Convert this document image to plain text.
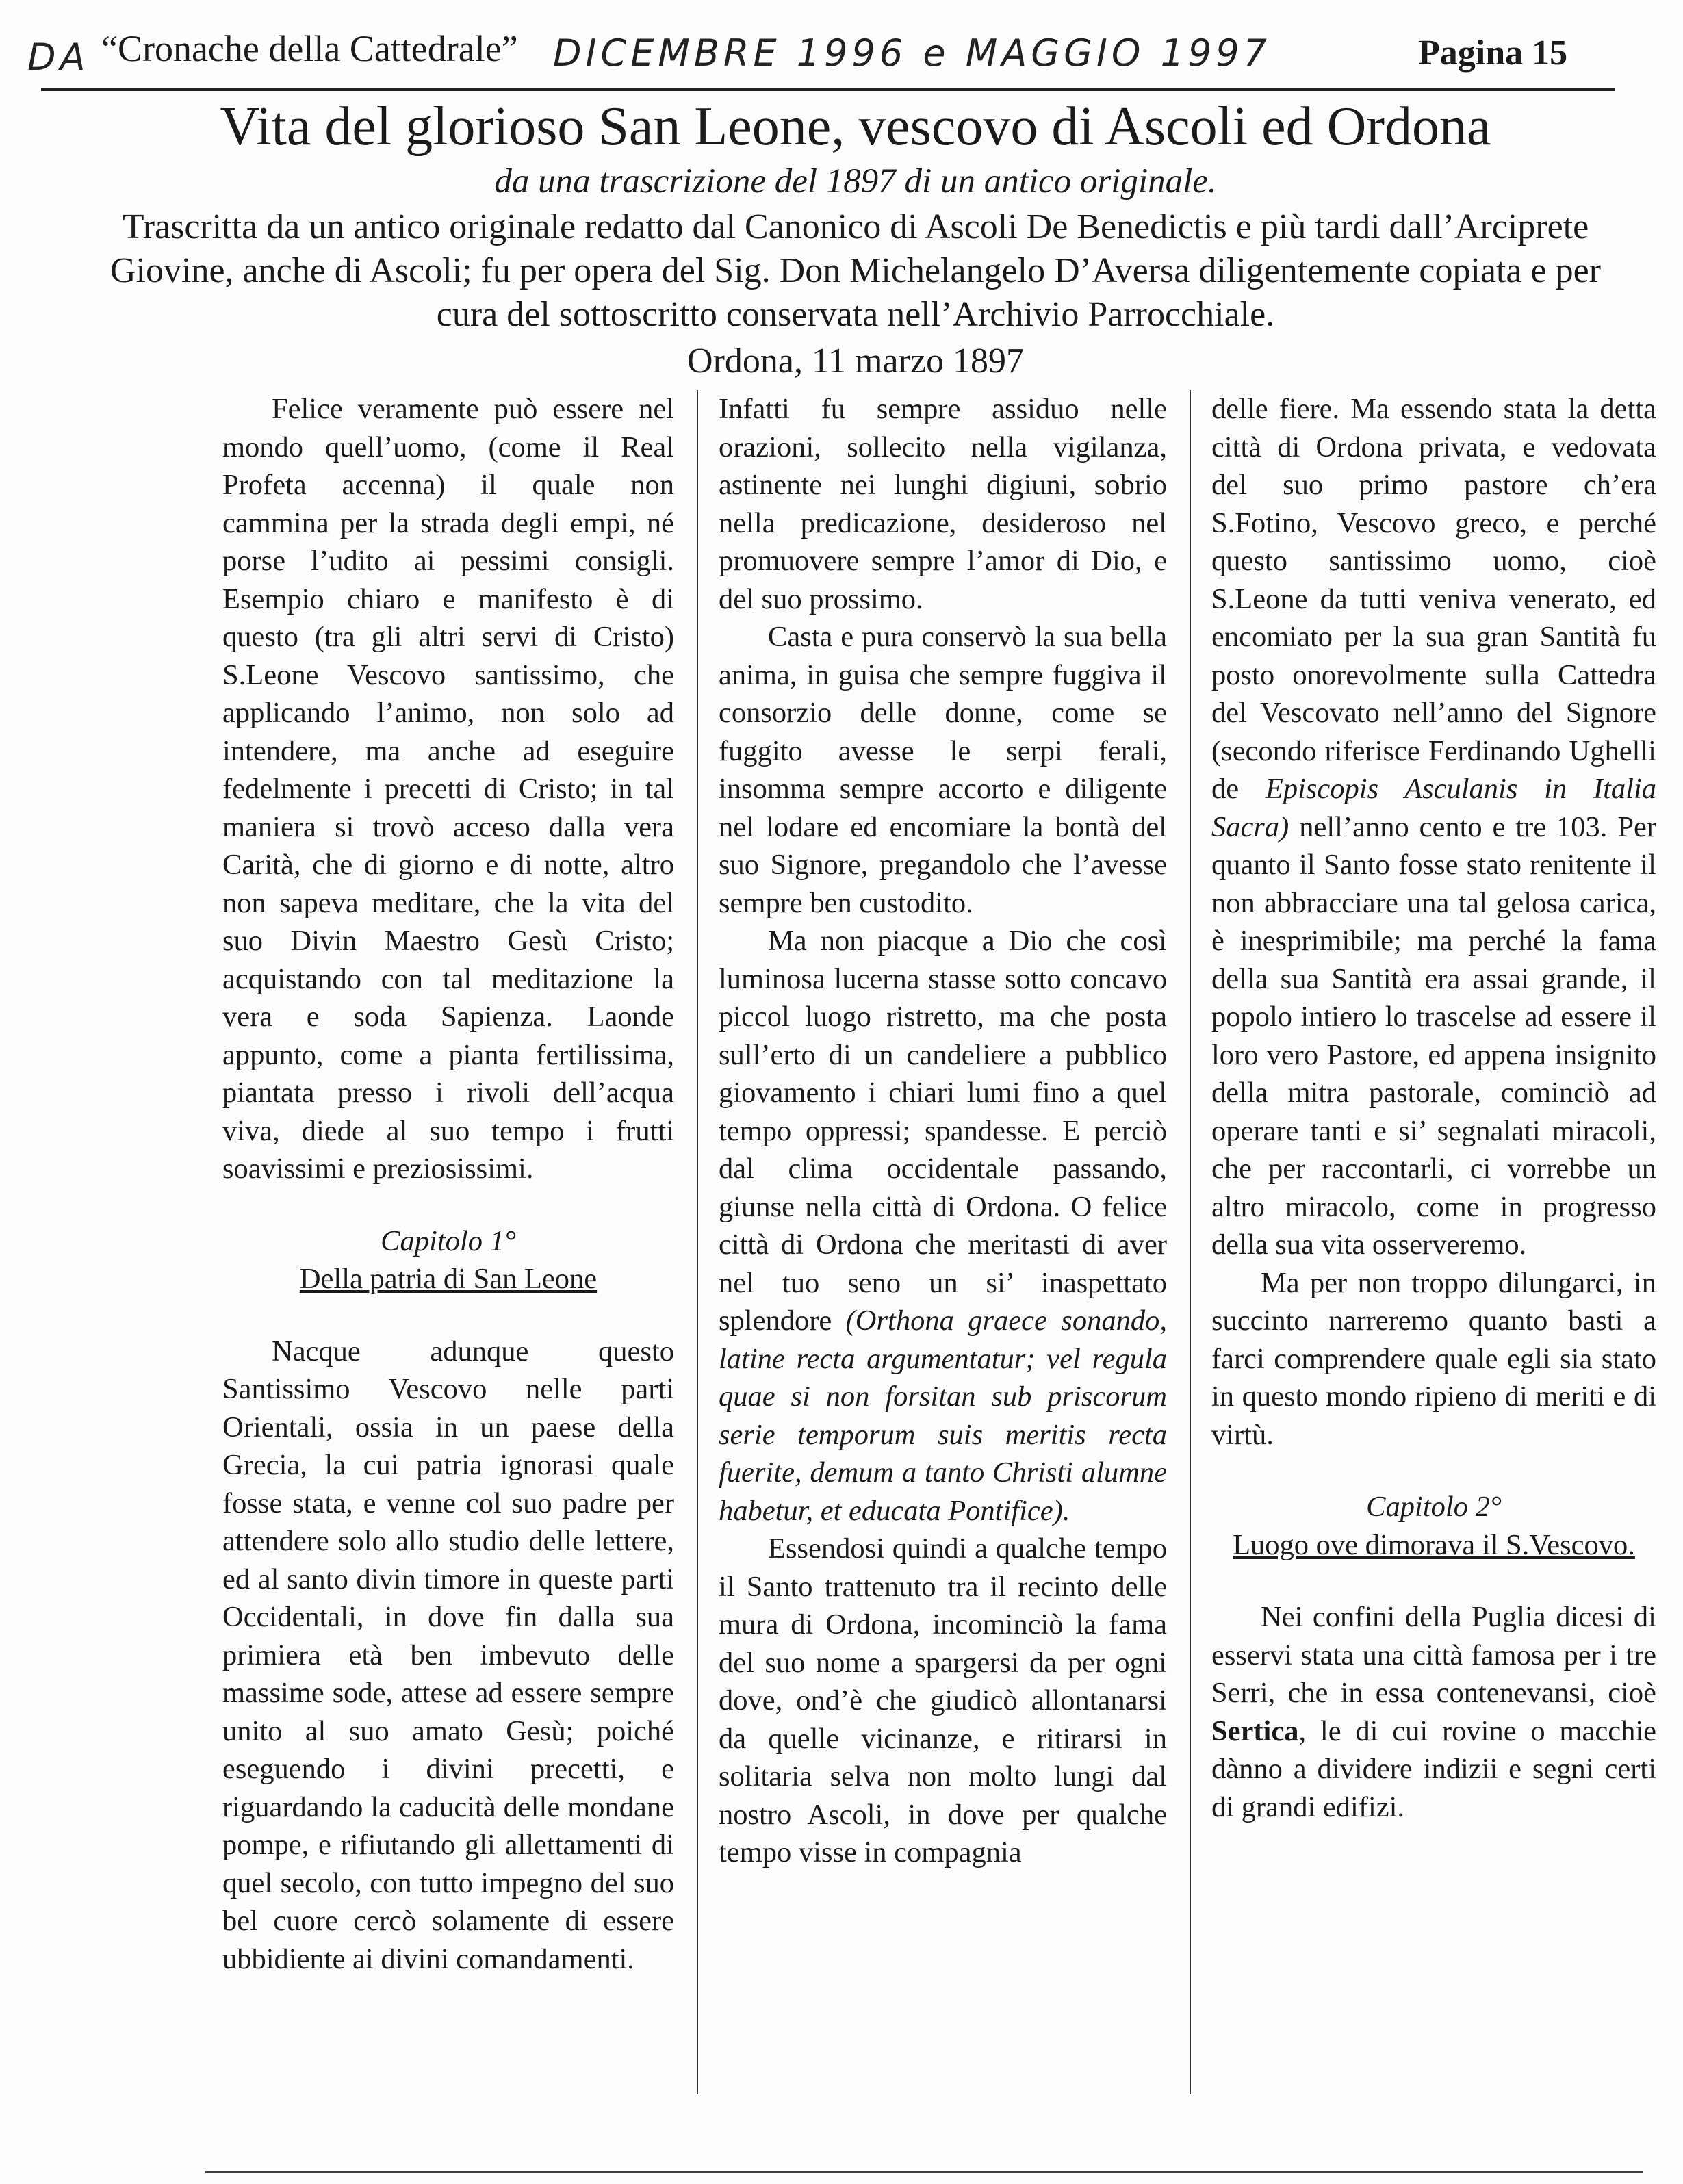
DA “Cronache della Cattedrale” DICEMBRE 1996 e MAGGIO 1997	Pagina 15
Vita del glorioso San Leone, vescovo di Ascoli ed Ordona
da una trascrizione del 1897 di un antico originale.
Trascritta da un antico originale redatto dal Canonico di Ascoli De Benedictis e più tardi dall’Arciprete Giovine, anche di Ascoli; fu per opera del Sig. Don Michelangelo D’Aversa diligentemente copiata e per cura del sottoscritto conservata nell’Archivio Parrocchiale.
Ordona, 11 marzo 1897

Felice veramente può essere nel mondo quell’uomo, (come il Real Profeta accenna) il quale non cammina per la strada degli empi, né porse l’udito ai pessimi consigli. Esempio chiaro e manifesto è di questo (tra gli altri servi di Cristo) S.Leone Vescovo santissimo, che applicando l’animo, non solo ad intendere, ma anche ad eseguire fedelmente i precetti di Cristo; in tal maniera si trovò acceso dalla vera Carità, che di giorno e di notte, altro non sapeva meditare, che la vita del suo Divin Maestro Gesù Cristo; acquistando con tal meditazione la vera e soda Sapienza. Laonde appunto, come a pianta fertilissima, piantata presso i rivoli dell’acqua viva, diede al suo tempo i frutti soavissimi e preziosissimi.

Capitolo 1°

Della patria di San Leone

Nacque adunque questo Santissimo Vescovo nelle parti Orientali, ossia in un paese della Grecia, la cui patria ignorasi quale fosse stata, e venne col suo padre per attendere solo allo studio delle lettere, ed al santo divin timore in queste parti Occidentali, in dove fin dalla sua primiera età ben imbevuto delle massime sode, attese ad essere sempre unito al suo amato Gesù; poiché eseguendo i divini precetti, e riguardando la caducità delle mondane pompe, e rifiutando gli allettamenti di quel secolo, con tutto impegno del suo bel cuore cercò solamente di essere ubbidiente ai divini comandamenti.

Infatti fu sempre assiduo nelle orazioni, sollecito nella vigilanza, astinente nei lunghi digiuni, sobrio nella predicazione, desideroso nel promuovere sempre l’amor di Dio, e del suo prossimo.

Casta e pura conservò la sua bella anima, in guisa che sempre fuggiva il consorzio delle donne, come se fuggito avesse le serpi ferali, insomma sempre accorto e diligente nel lodare ed encomiare la bontà del suo Signore, pregandolo che l’avesse sempre ben custodito.

Ma non piacque a Dio che così luminosa lucerna stasse sotto concavo piccol luogo ristretto, ma che posta sull’erto di un candeliere a pubblico giovamento i chiari lumi fino a quel tempo oppressi; spandesse. E perciò dal clima occidentale passando, giunse nella città di Ordona. O felice città di Ordona che meritasti di aver nel tuo seno un si’ inaspettato splendore (Orthona graece sonando, latine recta argumentatur; vel regula quae si non forsitan sub priscorum serie temporum suis meritis recta fuerite, demum a tanto Christi alumne habetur, et educata Pontifice).

Essendosi quindi a qualche tempo il Santo trattenuto tra il recinto delle mura di Ordona, incominciò la fama del suo nome a spargersi da per ogni dove, ond’è che giudicò allontanarsi da quelle vicinanze, e ritirarsi in solitaria selva non molto lungi dal nostro Ascoli, in dove per qualche tempo visse in compagnia

delle fiere. Ma essendo stata la detta città di Ordona privata, e vedovata del suo primo pastore ch’era S.Fotino, Vescovo greco, e perché questo santissimo uomo, cioè S.Leone da tutti veniva venerato, ed encomiato per la sua gran Santità fu posto onorevolmente sulla Cattedra del Vescovato nell’anno del Signore (secondo riferisce Ferdinando Ughelli de Episcopis Asculanis in Italia Sacra) nell’anno cento e tre 103. Per quanto il Santo fosse stato renitente il non abbracciare una tal gelosa carica, è inesprimibile; ma perché la fama della sua Santità era assai grande, il popolo intiero lo trascelse ad essere il loro vero Pastore, ed appena insignito della mitra pastorale, cominciò ad operare tanti e si’ segnalati miracoli, che per raccontarli, ci vorrebbe un altro miracolo, come in progresso della sua vita osserveremo.

Ma per non troppo dilungarci, in succinto narreremo quanto basti a farci comprendere quale egli sia stato in questo mondo ripieno di meriti e di virtù.

Capitolo 2°

Luogo ove dimorava il S.Vescovo.

Nei confini della Puglia dicesi di esservi stata una città famosa per i tre Serri, che in essa contenevansi, cioè Sertica, le di cui rovine o macchie dànno a dividere indizii e segni certi di grandi edifizi.
